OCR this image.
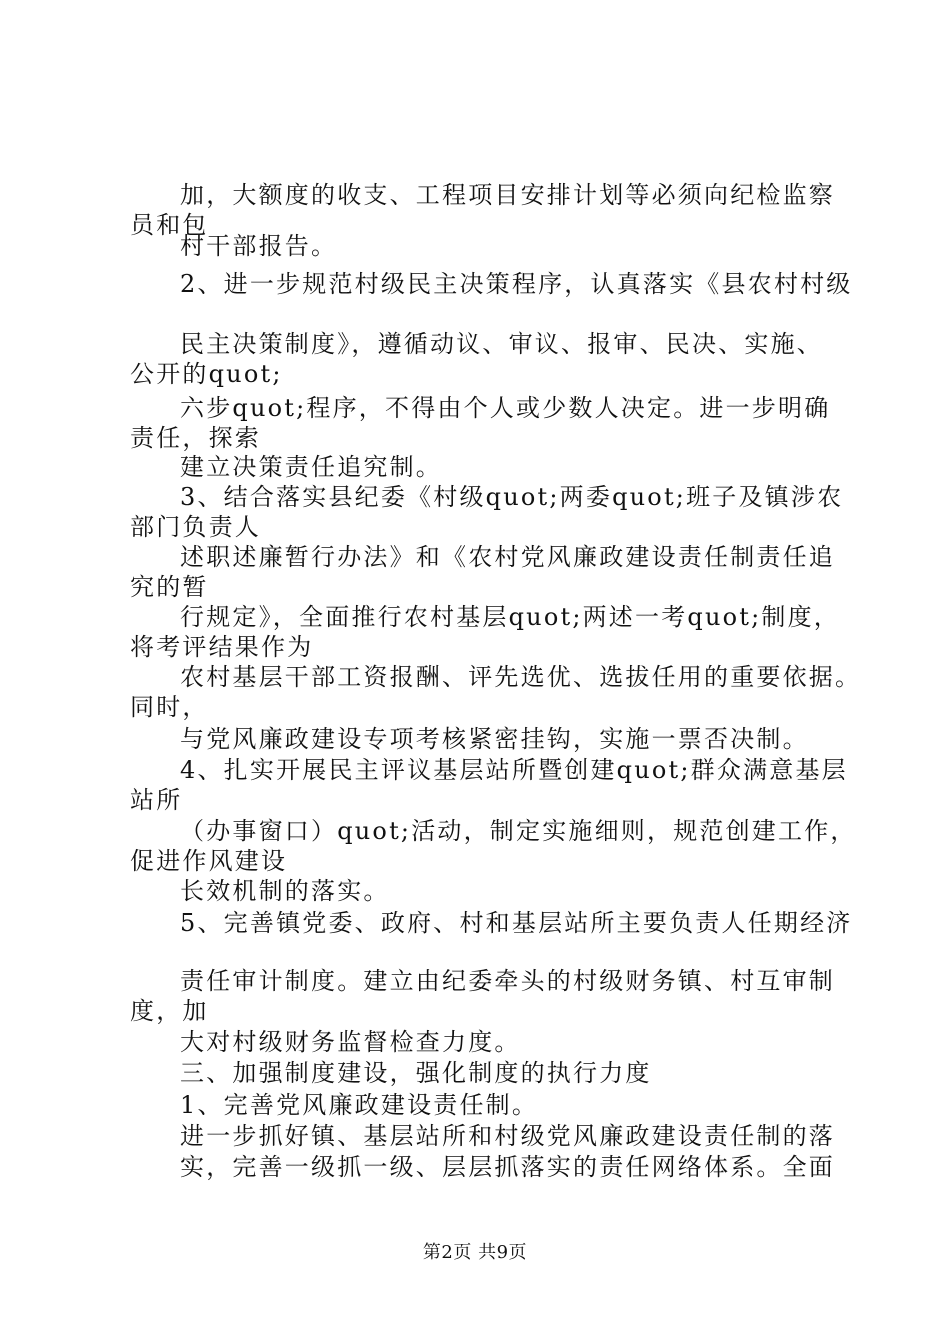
加，大额度的收支、工程项目安排计划等必须向纪检监察
员和包
村干部报告。
2、进一步规范村级民主决策程序，认真落实《县农村村级
民主决策制度》，遵循动议、审议、报审、民决、实施、
公开的quot;
六步quot;程序，不得由个人或少数人决定。进一步明确
责任，探索
建立决策责任追究制。
3、结合落实县纪委《村级quot;两委quot;班子及镇涉农
部门负责人
述职述廉暂行办法》和《农村党风廉政建设责任制责任追
究的暂
行规定》，全面推行农村基层quot;两述一考quot;制度，
将考评结果作为
农村基层干部工资报酬、评先选优、选拔任用的重要依据。
同时，
与党风廉政建设专项考核紧密挂钩，实施一票否决制。
4、扎实开展民主评议基层站所暨创建quot;群众满意基层
站所
（办事窗口）quot;活动，制定实施细则，规范创建工作，
促进作风建设
长效机制的落实。
5、完善镇党委、政府、村和基层站所主要负责人任期经济
责任审计制度。建立由纪委牵头的村级财务镇、村互审制
度，加
大对村级财务监督检查力度。
三、加强制度建设，强化制度的执行力度
1、完善党风廉政建设责任制。
进一步抓好镇、基层站所和村级党风廉政建设责任制的落
实，完善一级抓一级、层层抓落实的责任网络体系。全面
第2页 共9页
